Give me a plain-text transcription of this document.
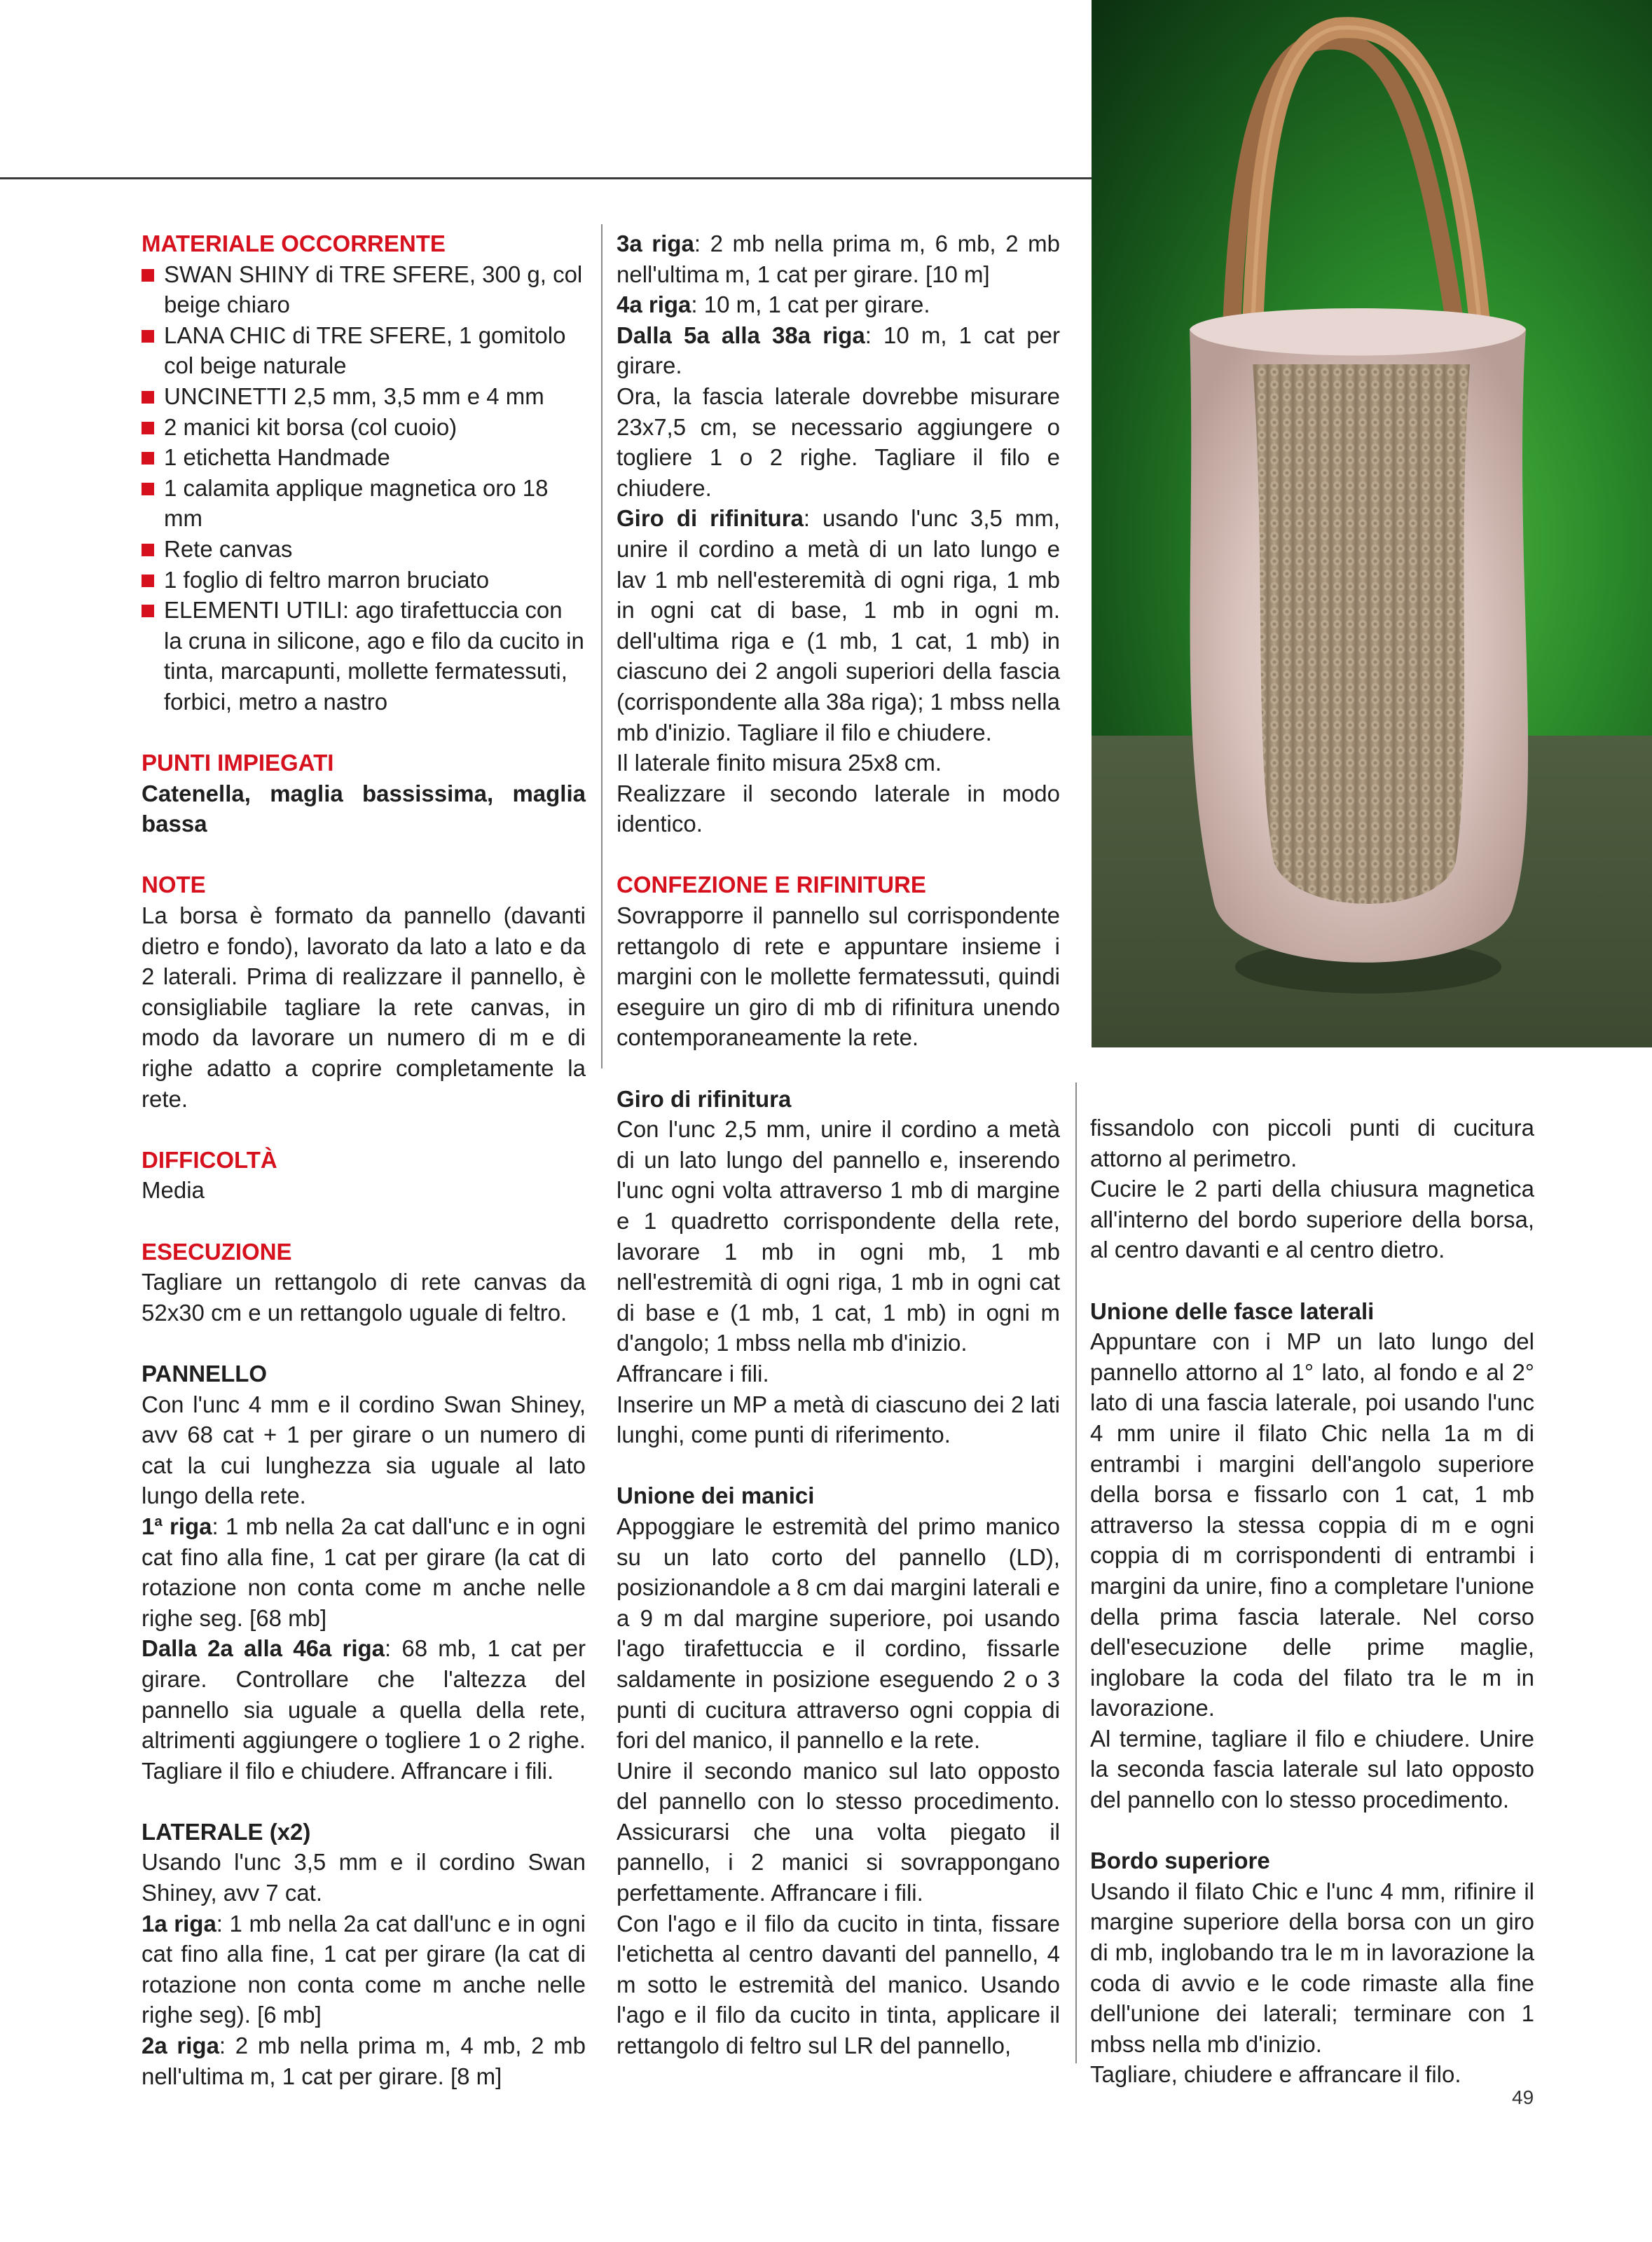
MATERIALE OCCORRENTE

SWAN SHINY di TRE SFERE, 300 g, col beige chiaro

LANA CHIC di TRE SFERE, 1 gomitolo col beige naturale

UNCINETTI 2,5 mm, 3,5 mm e 4 mm

2 manici kit borsa (col cuoio)

1 etichetta Handmade

1 calamita applique magnetica oro 18 mm

Rete canvas

1 foglio di feltro marron bruciato

ELEMENTI UTILI: ago tirafettuccia con la cruna in silicone, ago e filo da cucito in tinta, marcapunti, mollette fermatessuti, forbici, metro a nastro

PUNTI IMPIEGATI

Catenella, maglia bassissima, maglia bassa

NOTE

La borsa è formato da pannello (davanti dietro e fondo), lavorato da lato a lato e da 2 laterali. Prima di realizzare il pannello, è consigliabile tagliare la rete canvas, in modo da lavorare un numero di m e di righe adatto a coprire completamente la rete.

DIFFICOLTÀ

Media

ESECUZIONE

Tagliare un rettangolo di rete canvas da 52x30 cm e un rettangolo uguale di feltro.

PANNELLO

Con l'unc 4 mm e il cordino Swan Shiney, avv 68 cat + 1 per girare o un numero di cat la cui lunghezza sia uguale al lato lungo della rete.

1$^a$ riga: 1 mb nella 2a cat dall'unc e in ogni cat fino alla fine, 1 cat per girare (la cat di rotazione non conta come m anche nelle righe seg. [68 mb]

Dalla 2a alla 46a riga: 68 mb, 1 cat per girare. Controllare che l'altezza del pannello sia uguale a quella della rete, altrimenti aggiungere o togliere 1 o 2 righe. Tagliare il filo e chiudere. Affrancare i fili.

LATERALE (x2)

Usando l'unc 3,5 mm e il cordino Swan Shiney, avv 7 cat.

1a riga: 1 mb nella 2a cat dall'unc e in ogni cat fino alla fine, 1 cat per girare (la cat di rotazione non conta come m anche nelle righe seg). [6 mb]

2a riga: 2 mb nella prima m, 4 mb, 2 mb nell'ultima m, 1 cat per girare. [8 m]

3a riga: 2 mb nella prima m, 6 mb, 2 mb nell'ultima m, 1 cat per girare. [10 m]

4a riga: 10 m, 1 cat per girare.

Dalla 5a alla 38a riga: 10 m, 1 cat per girare.

Ora, la fascia laterale dovrebbe misurare 23x7,5 cm, se necessario aggiungere o togliere 1 o 2 righe. Tagliare il filo e chiudere.

Giro di rifinitura: usando l'unc 3,5 mm, unire il cordino a metà di un lato lungo e lav 1 mb nell'esteremità di ogni riga, 1 mb in ogni cat di base, 1 mb in ogni m. dell'ultima riga e (1 mb, 1 cat, 1 mb) in ciascuno dei 2 angoli superiori della fascia (corrispondente alla 38a riga); 1 mbss nella mb d'inizio. Tagliare il filo e chiudere.

Il laterale finito misura 25x8 cm.

Realizzare il secondo laterale in modo identico.

CONFEZIONE E RIFINITURE

Sovrapporre il pannello sul corrispondente rettangolo di rete e appuntare insieme i margini con le mollette fermatessuti, quindi eseguire un giro di mb di rifinitura unendo contemporaneamente la rete.

Giro di rifinitura

Con l'unc 2,5 mm, unire il cordino a metà di un lato lungo del pannello e, inserendo l'unc ogni volta attraverso 1 mb di margine e 1 quadretto corrispondente della rete, lavorare 1 mb in ogni mb, 1 mb nell'estremità di ogni riga, 1 mb in ogni cat di base e (1 mb, 1 cat, 1 mb) in ogni m d'angolo; 1 mbss nella mb d'inizio.

Affrancare i fili.

Inserire un MP a metà di ciascuno dei 2 lati lunghi, come punti di riferimento.

Unione dei manici

Appoggiare le estremità del primo manico su un lato corto del pannello (LD), posizionandole a 8 cm dai margini laterali e a 9 m dal margine superiore, poi usando l'ago tirafettuccia e il cordino, fissarle saldamente in posizione eseguendo 2 o 3 punti di cucitura attraverso ogni coppia di fori del manico, il pannello e la rete.

Unire il secondo manico sul lato opposto del pannello con lo stesso procedimento. Assicurarsi che una volta piegato il pannello, i 2 manici si sovrappongano perfettamente. Affrancare i fili.

Con l'ago e il filo da cucito in tinta, fissare l'etichetta al centro davanti del pannello, 4 m sotto le estremità del manico. Usando l'ago e il filo da cucito in tinta, applicare il rettangolo di feltro sul LR del pannello,

fissandolo con piccoli punti di cucitura attorno al perimetro.

Cucire le 2 parti della chiusura magnetica all'interno del bordo superiore della borsa, al centro davanti e al centro dietro.

Unione delle fasce laterali

Appuntare con i MP un lato lungo del pannello attorno al 1° lato, al fondo e al 2° lato di una fascia laterale, poi usando l'unc 4 mm unire il filato Chic nella 1a m di entrambi i margini dell'angolo superiore della borsa e fissarlo con 1 cat, 1 mb attraverso la stessa coppia di m e ogni coppia di m corrispondenti di entrambi i margini da unire, fino a completare l'unione della prima fascia laterale. Nel corso dell'esecuzione delle prime maglie, inglobare la coda del filato tra le m in lavorazione.

Al termine, tagliare il filo e chiudere. Unire la seconda fascia laterale sul lato opposto del pannello con lo stesso procedimento.

Bordo superiore

Usando il filato Chic e l'unc 4 mm, rifinire il margine superiore della borsa con un giro di mb, inglobando tra le m in lavorazione la coda di avvio e le code rimaste alla fine dell'unione dei laterali; terminare con 1 mbss nella mb d'inizio.

Tagliare, chiudere e affrancare il filo.

49
